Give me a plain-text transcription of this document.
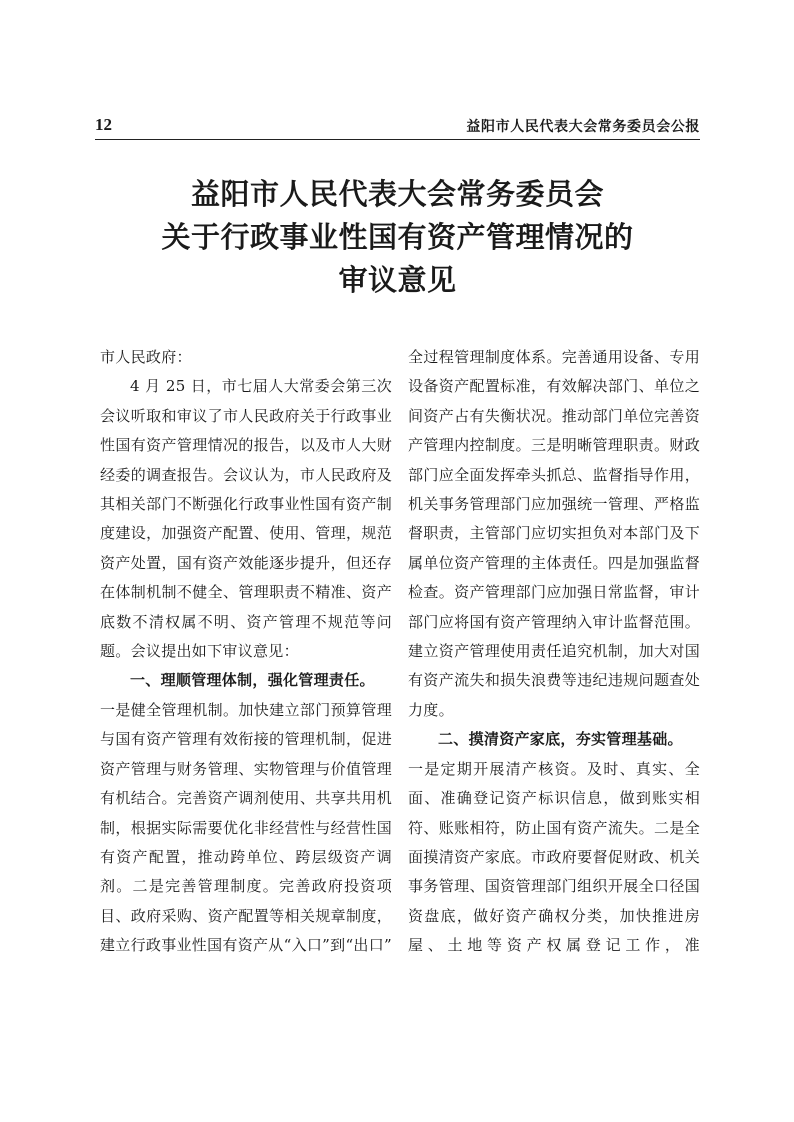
12	益阳市人民代表大会常务委员会公报
益阳市人民代表大会常务委员会
关于行政事业性国有资产管理情况的
审议意见

市人民政府：

4 月 25 日，市七届人大常委会第三次会议听取和审议了市人民政府关于行政事业性国有资产管理情况的报告，以及市人大财经委的调查报告。会议认为，市人民政府及其相关部门不断强化行政事业性国有资产制度建设，加强资产配置、使用、管理，规范资产处置，国有资产效能逐步提升，但还存在体制机制不健全、管理职责不精准、资产底数不清权属不明、资产管理不规范等问题。会议提出如下审议意见：

一、理顺管理体制，强化管理责任。

一是健全管理机制。加快建立部门预算管理与国有资产管理有效衔接的管理机制，促进资产管理与财务管理、实物管理与价值管理有机结合。完善资产调剂使用、共享共用机制，根据实际需要优化非经营性与经营性国有资产配置，推动跨单位、跨层级资产调剂。二是完善管理制度。完善政府投资项目、政府采购、资产配置等相关规章制度，建立行政事业性国有资产从“入口”到“出口”

全过程管理制度体系。完善通用设备、专用设备资产配置标准，有效解决部门、单位之间资产占有失衡状况。推动部门单位完善资产管理内控制度。三是明晰管理职责。财政部门应全面发挥牵头抓总、监督指导作用，机关事务管理部门应加强统一管理、严格监督职责，主管部门应切实担负对本部门及下属单位资产管理的主体责任。四是加强监督检查。资产管理部门应加强日常监督，审计部门应将国有资产管理纳入审计监督范围。建立资产管理使用责任追究机制，加大对国有资产流失和损失浪费等违纪违规问题查处力度。

二、摸清资产家底，夯实管理基础。

一是定期开展清产核资。及时、真实、全面、准确登记资产标识信息，做到账实相符、账账相符，防止国有资产流失。二是全面摸清资产家底。市政府要督促财政、机关事务管理、国资管理部门组织开展全口径国资盘底，做好资产确权分类，加快推进房屋、土地等资产权属登记工作，准
